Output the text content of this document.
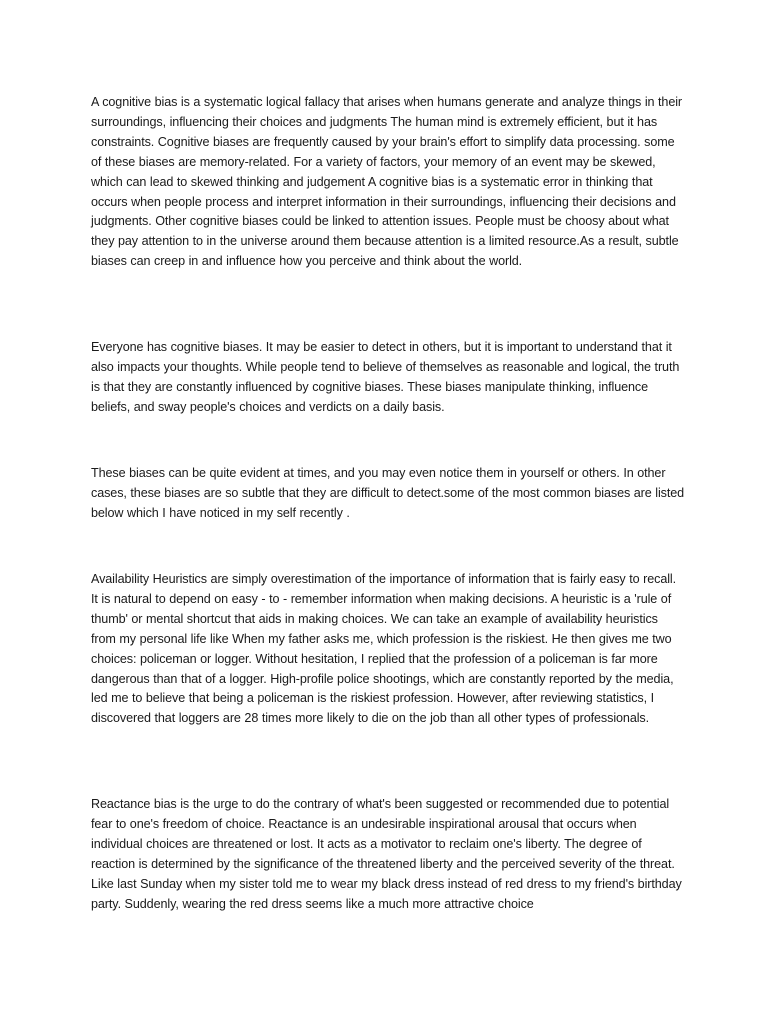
A cognitive bias is a systematic logical fallacy that arises when humans generate and analyze things in their surroundings, influencing their choices and judgments The human mind is extremely efficient, but it has constraints. Cognitive biases are frequently caused by your brain's effort to simplify data processing. some of these biases are memory-related. For a variety of factors, your memory of an event may be skewed, which can lead to skewed thinking and judgement A cognitive bias is a systematic error in thinking that occurs when people process and interpret information in their surroundings, influencing their decisions and judgments. Other cognitive biases could be linked to attention issues. People must be choosy about what they pay attention to in the universe around them because attention is a limited resource.As a result, subtle biases can creep in and influence how you perceive and think about the world.

Everyone has cognitive biases. It may be easier to detect in others, but it is important to understand that it also impacts your thoughts. While people tend to believe of themselves as reasonable and logical, the truth is that they are constantly influenced by cognitive biases. These biases manipulate thinking, influence beliefs, and sway people's choices and verdicts on a daily basis.

These biases can be quite evident at times, and you may even notice them in yourself or others. In other cases, these biases are so subtle that they are difficult to detect.some of the most common biases are listed below which I have noticed in my self recently .

Availability Heuristics are simply overestimation of the importance of information that is fairly easy to recall. It is natural to depend on easy - to - remember information when making decisions. A heuristic is a 'rule of thumb' or mental shortcut that aids in making choices. We can take an example of availability heuristics from my personal life like When my father asks me, which profession is the riskiest. He then gives me two choices: policeman or logger. Without hesitation, I replied that the profession of a policeman is far more dangerous than that of a logger. High-profile police shootings, which are constantly reported by the media, led me to believe that being a policeman is the riskiest profession. However, after reviewing statistics, I discovered that loggers are 28 times more likely to die on the job than all other types of professionals.

Reactance bias is the urge to do the contrary of what's been suggested or recommended due to potential fear to one's freedom of choice. Reactance is an undesirable inspirational arousal that occurs when individual choices are threatened or lost. It acts as a motivator to reclaim one's liberty. The degree of reaction is determined by the significance of the threatened liberty and the perceived severity of the threat. Like last Sunday when my sister told me to wear my black dress instead of red dress to my friend's birthday party. Suddenly, wearing the red dress seems like a much more attractive choice
